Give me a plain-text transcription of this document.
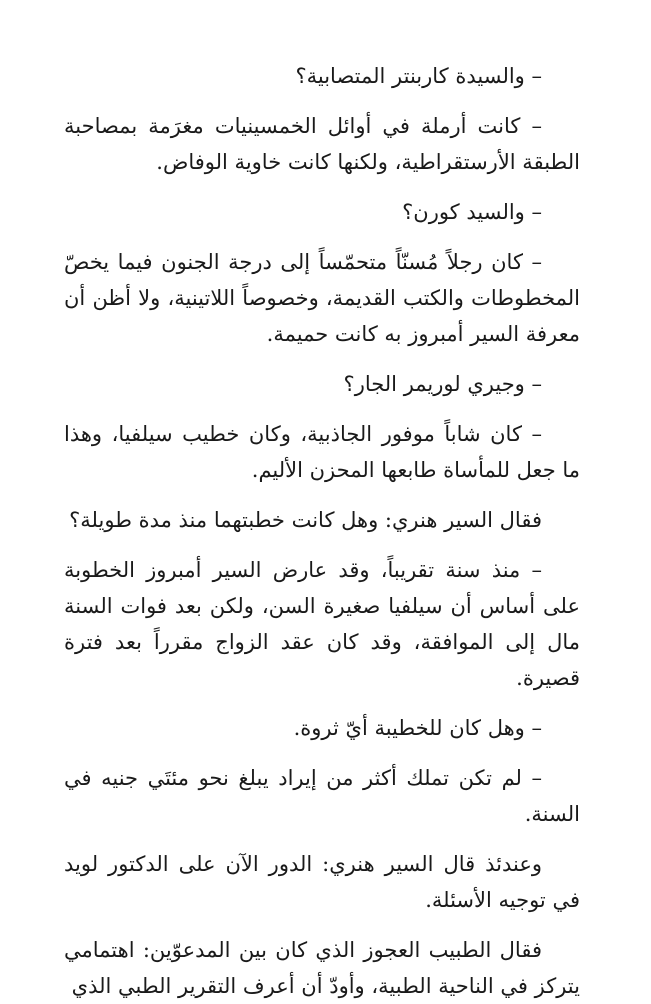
– والسيدة كاربنتر المتصابية؟

– كانت أرملة في أوائل الخمسينيات مغرَمة بمصاحبة الطبقة الأرستقراطية، ولكنها كانت خاوية الوفاض.

– والسيد كورن؟

– كان رجلاً مُسنّاً متحمّساً إلى درجة الجنون فيما يخصّ المخطوطات والكتب القديمة، وخصوصاً اللاتينية، ولا أظن أن معرفة السير أمبروز به كانت حميمة.

– وجيري لوريمر الجار؟

– كان شاباً موفور الجاذبية، وكان خطيب سيلفيا، وهذا ما جعل للمأساة طابعها المحزن الأليم.

فقال السير هنري: وهل كانت خطبتهما منذ مدة طويلة؟

– منذ سنة تقريباً، وقد عارض السير أمبروز الخطوبة على أساس أن سيلفيا صغيرة السن، ولكن بعد فوات السنة مال إلى الموافقة، وقد كان عقد الزواج مقرراً بعد فترة قصيرة.

– وهل كان للخطيبة أيّ ثروة.

– لم تكن تملك أكثر من إيراد يبلغ نحو مئتَي جنيه في السنة.

وعندئذ قال السير هنري: الدور الآن على الدكتور لويد في توجيه الأسئلة.

فقال الطبيب العجوز الذي كان بين المدعوّين: اهتمامي يتركز في الناحية الطبية، وأودّ أن أعرف التقرير الطبي الذي
